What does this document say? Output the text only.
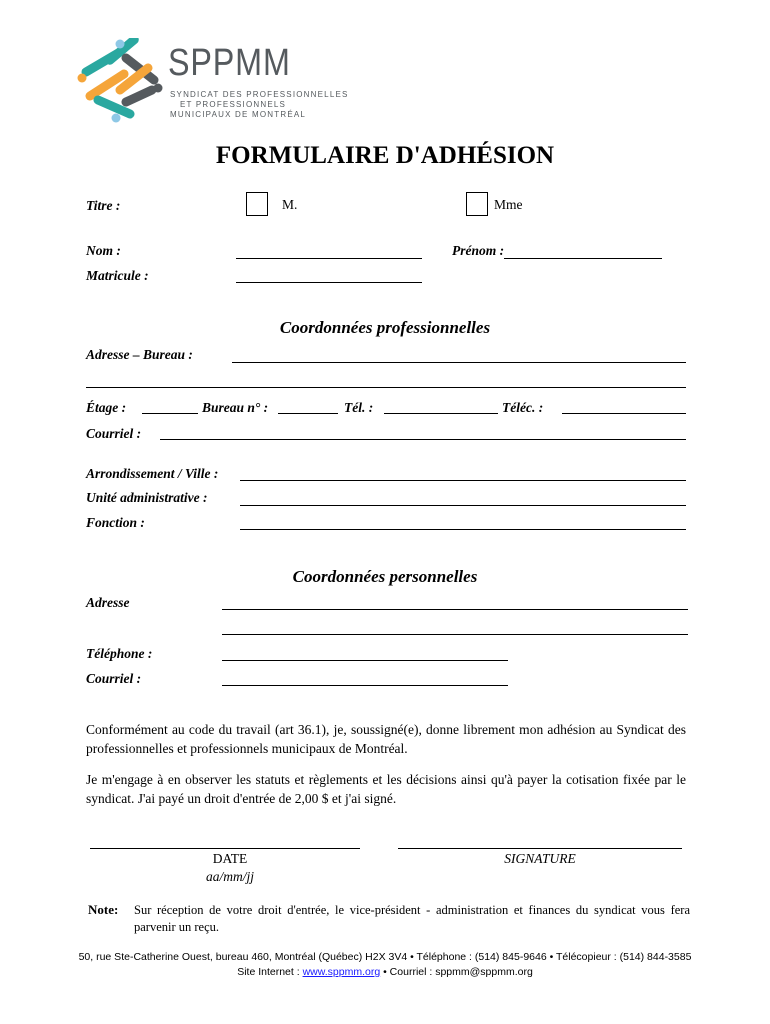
SPPMM
SYNDICAT DES PROFESSIONNELLES
ET PROFESSIONNELS
MUNICIPAUX DE MONTRÉAL
FORMULAIRE D'ADHÉSION
Titre :	M.	Mme
Nom :	Prénom :
Matricule :
Coordonnées professionnelles
Adresse – Bureau :
Étage :	Bureau n° :	Tél. :	Téléc. :
Courriel :
Arrondissement / Ville :
Unité administrative :
Fonction :
Coordonnées personnelles
Adresse
Téléphone :
Courriel :
Conformément au code du travail (art 36.1), je, soussigné(e), donne librement mon adhésion au Syndicat des professionnelles et professionnels municipaux de Montréal.
Je m'engage à en observer les statuts et règlements et les décisions ainsi qu'à payer la cotisation fixée par le syndicat. J'ai payé un droit d'entrée de 2,00 $ et j'ai signé.
DATE
aa/mm/jj
SIGNATURE
Note: Sur réception de votre droit d'entrée, le vice-président - administration et finances du syndicat vous fera parvenir un reçu.
50, rue Ste-Catherine Ouest, bureau 460, Montréal (Québec) H2X 3V4 • Téléphone : (514) 845-9646 • Télécopieur : (514) 844-3585
Site Internet : www.sppmm.org • Courriel : sppmm@sppmm.org
